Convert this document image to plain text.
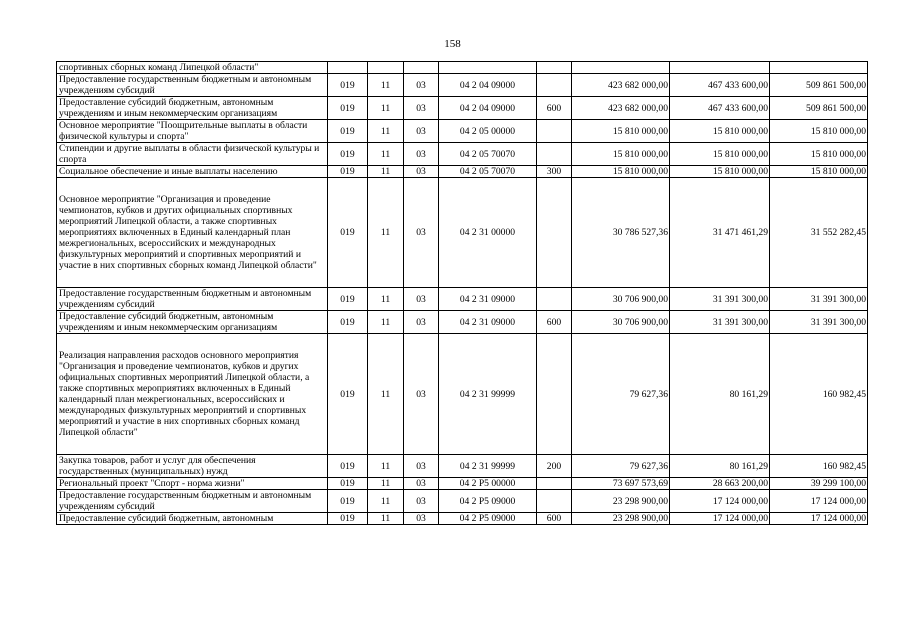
158
спортивных сборных команд Липецкой области"								
Предоставление государственным бюджетным и автономным учреждениям субсидий	019	11	03	04 2 04 09000		423 682 000,00	467 433 600,00	509 861 500,00
Предоставление субсидий бюджетным, автономным учреждениям и иным некоммерческим организациям	019	11	03	04 2 04 09000	600	423 682 000,00	467 433 600,00	509 861 500,00
Основное мероприятие "Поощрительные выплаты в области физической культуры и спорта"	019	11	03	04 2 05 00000		15 810 000,00	15 810 000,00	15 810 000,00
Стипендии и другие выплаты в области физической культуры и спорта	019	11	03	04 2 05 70070		15 810 000,00	15 810 000,00	15 810 000,00
Социальное обеспечение и иные выплаты населению	019	11	03	04 2 05 70070	300	15 810 000,00	15 810 000,00	15 810 000,00
Основное мероприятие "Организация и проведение чемпионатов, кубков и других официальных спортивных мероприятий Липецкой области, а также спортивных мероприятиях включенных в Единый календарный план межрегиональных, всероссийских и международных физкультурных мероприятий и спортивных мероприятий и участие в них спортивных сборных команд Липецкой области"	019	11	03	04 2 31 00000		30 786 527,36	31 471 461,29	31 552 282,45
Предоставление государственным бюджетным и автономным учреждениям субсидий	019	11	03	04 2 31 09000		30 706 900,00	31 391 300,00	31 391 300,00
Предоставление субсидий бюджетным, автономным учреждениям и иным некоммерческим организациям	019	11	03	04 2 31 09000	600	30 706 900,00	31 391 300,00	31 391 300,00
Реализация направления расходов основного мероприятия "Организация и проведение чемпионатов, кубков и других официальных спортивных мероприятий Липецкой области, а также спортивных мероприятиях включенных в Единый календарный план межрегиональных, всероссийских и международных физкультурных мероприятий и спортивных мероприятий и участие в них спортивных сборных команд Липецкой области"	019	11	03	04 2 31 99999		79 627,36	80 161,29	160 982,45
Закупка товаров, работ и услуг для обеспечения государственных (муниципальных) нужд	019	11	03	04 2 31 99999	200	79 627,36	80 161,29	160 982,45
Региональный проект "Спорт - норма жизни"	019	11	03	04 2 P5 00000		73 697 573,69	28 663 200,00	39 299 100,00
Предоставление государственным бюджетным и автономным учреждениям субсидий	019	11	03	04 2 P5 09000		23 298 900,00	17 124 000,00	17 124 000,00
Предоставление субсидий бюджетным, автономным	019	11	03	04 2 P5 09000	600	23 298 900,00	17 124 000,00	17 124 000,00
